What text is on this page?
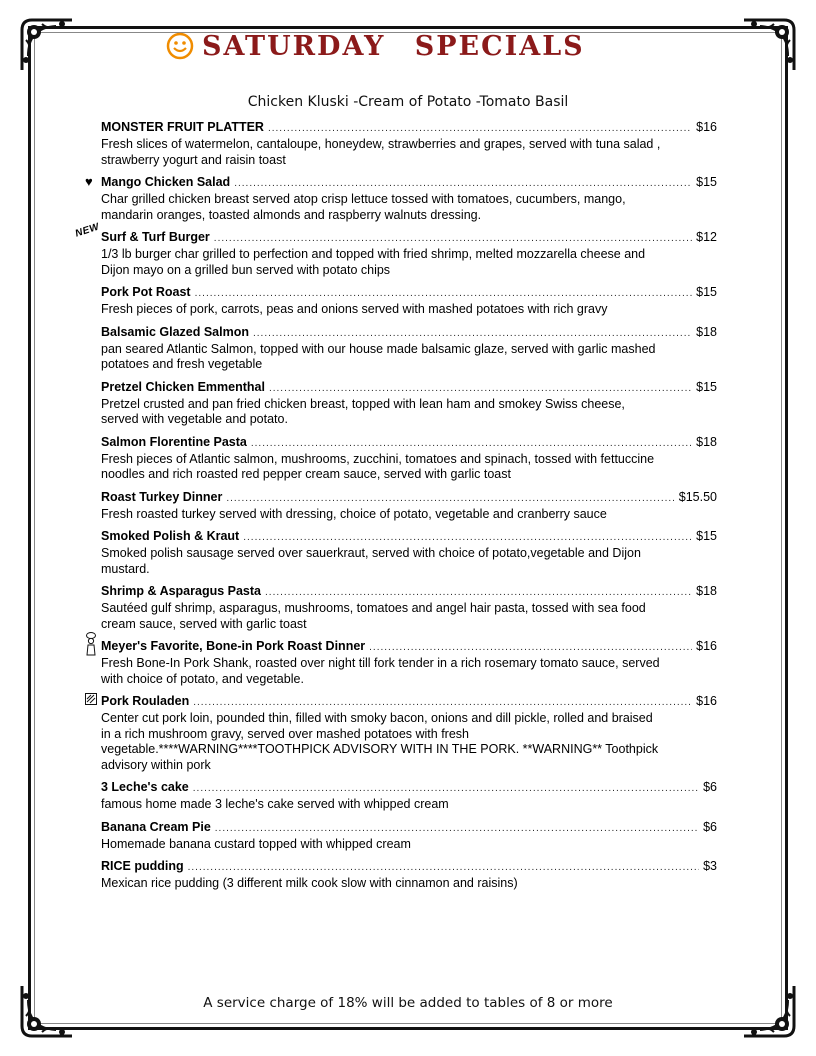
SATURDAY SPECIALS
Chicken Kluski -Cream of Potato -Tomato Basil
MONSTER FRUIT PLATTER .....	$16
Fresh slices of watermelon, cantaloupe, honeydew, strawberries and grapes, served with tuna salad , strawberry yogurt and raisin toast
♥ Mango Chicken Salad .....	$15
Char grilled chicken breast served atop crisp lettuce tossed with tomatoes, cucumbers, mango, mandarin oranges, toasted almonds and raspberry walnuts dressing.
NEW Surf & Turf Burger .....	$12
1/3 lb burger char grilled to perfection and topped with fried shrimp, melted mozzarella cheese and Dijon mayo on a grilled bun served with potato chips
Pork Pot Roast .....	$15
Fresh pieces of pork, carrots, peas and onions served with mashed potatoes with rich gravy
Balsamic Glazed Salmon .....	$18
pan seared Atlantic Salmon, topped with our house made balsamic glaze, served with garlic mashed potatoes and fresh vegetable
Pretzel Chicken Emmenthal .....	$15
Pretzel crusted and pan fried chicken breast, topped with lean ham and smokey Swiss cheese, served with vegetable and potato.
Salmon Florentine Pasta .....	$18
Fresh pieces of Atlantic salmon, mushrooms, zucchini, tomatoes and spinach, tossed with fettuccine noodles and rich roasted red pepper cream sauce, served with garlic toast
Roast Turkey Dinner .....	$15.50
Fresh roasted turkey served with dressing, choice of potato, vegetable and cranberry sauce
Smoked Polish & Kraut .....	$15
Smoked polish sausage served over sauerkraut, served with choice of potato,vegetable and Dijon mustard.
Shrimp & Asparagus Pasta .....	$18
Sautéed gulf shrimp, asparagus, mushrooms, tomatoes and angel hair pasta, tossed with sea food cream sauce, served with garlic toast
Meyer's Favorite, Bone-in Pork Roast Dinner .....	$16
Fresh Bone-In Pork Shank, roasted over night till fork tender in a rich rosemary tomato sauce, served with choice of potato, and vegetable.
Pork Rouladen .....	$16
Center cut pork loin, pounded thin, filled with smoky bacon, onions and dill pickle, rolled and braised in a rich mushroom gravy, served over mashed potatoes with fresh vegetable.****WARNING****TOOTHPICK ADVISORY WITH IN THE PORK. **WARNING** Toothpick advisory within pork
3 Leche's cake .....	$6
famous home made 3 leche's cake served with whipped cream
Banana Cream Pie .....	$6
Homemade banana custard topped with whipped cream
RICE pudding .....	$3
Mexican rice pudding (3 different milk cook slow with cinnamon and raisins)
A service charge of 18% will be added to tables of 8 or more
